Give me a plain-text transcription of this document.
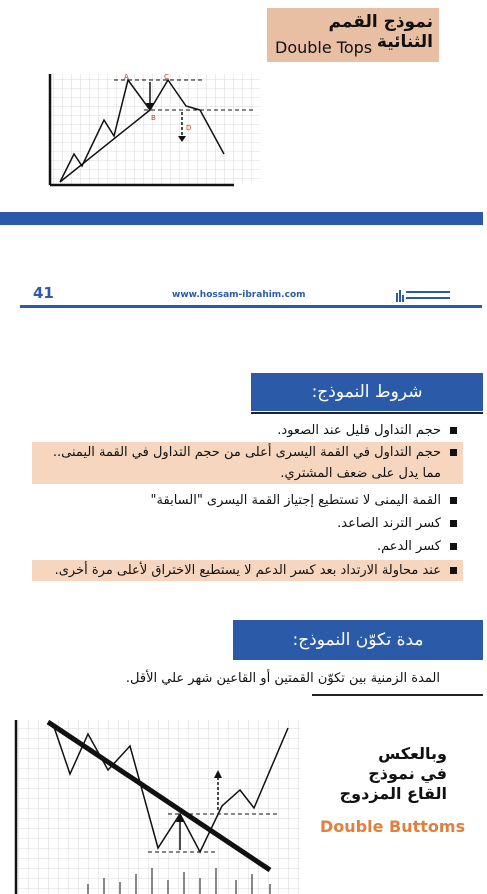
نموذج القمم الثنائية
Double Tops
A
B
C
D
41	www.hossam-ibrahim.com
شروط النموذج:
حجم التداول قليل عند الصعود.
حجم التداول في القمة اليسرى أعلى من حجم التداول في القمة اليمنى.. مما يدل على ضعف المشتري.
القمة اليمنى لا تستطيع إجتياز القمة اليسرى "السابقة"
كسر الترند الصاعد.
كسر الدعم.
عند محاولة الارتداد بعد كسر الدعم لا يستطيع الاختراق لأعلى مرة أخرى.
مدة تكوّن النموذج:
المدة الزمنية بين تكوّن القمتين أو القاعين شهر علي الأقل.
وبالعكس
في نموذج
القاع المزدوج
Double Buttoms
